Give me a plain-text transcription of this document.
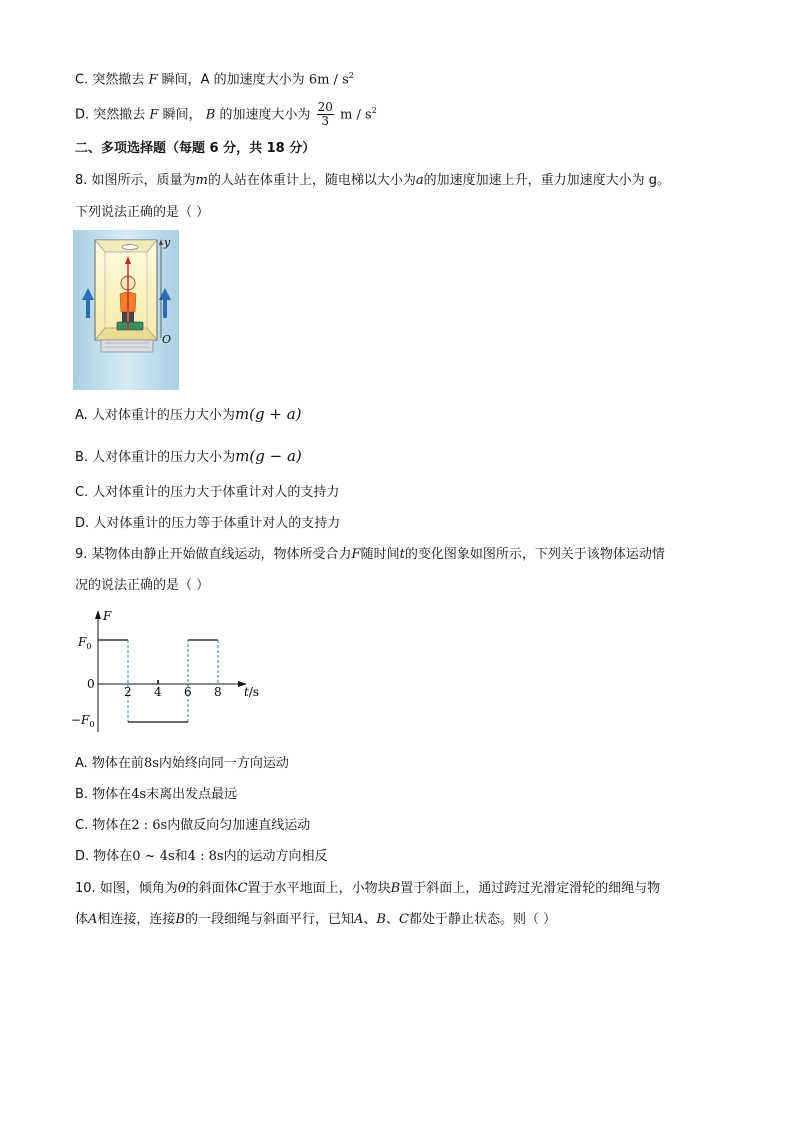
C. 突然撤去 F 瞬间，A 的加速度大小为 $6m / s^2$
D. 突然撤去 F 瞬间， B 的加速度大小为 $\frac{20}{3}$ m / $s^2$
二、多项选择题（每题 6 分，共 18 分）
8. 如图所示，质量为m的人站在体重计上，随电梯以大小为a的加速度加速上升，重力加速度大小为 g。
下列说法正确的是（ ）
y
O
A. 人对体重计的压力大小为m(g + a)
B. 人对体重计的压力大小为m(g − a)
C. 人对体重计的压力大于体重计对人的支持力
D. 人对体重计的压力等于体重计对人的支持力
9. 某物体由静止开始做直线运动，物体所受合力F随时间t的变化图象如图所示，下列关于该物体运动情
况的说法正确的是（ ）
F
$F_0$
$-F_0$
0
2 4 6 8 t/s
A. 物体在前8s内始终向同一方向运动
B. 物体在4s末离出发点最远
C. 物体在2 : 6s内做反向匀加速直线运动
D. 物体在0 ~ 4s和4 : 8s内的运动方向相反
10. 如图，倾角为θ的斜面体C置于水平地面上，小物块B置于斜面上，通过跨过光滑定滑轮的细绳与物
体A相连接，连接B的一段细绳与斜面平行，已知A、B、C都处于静止状态。则（ ）
